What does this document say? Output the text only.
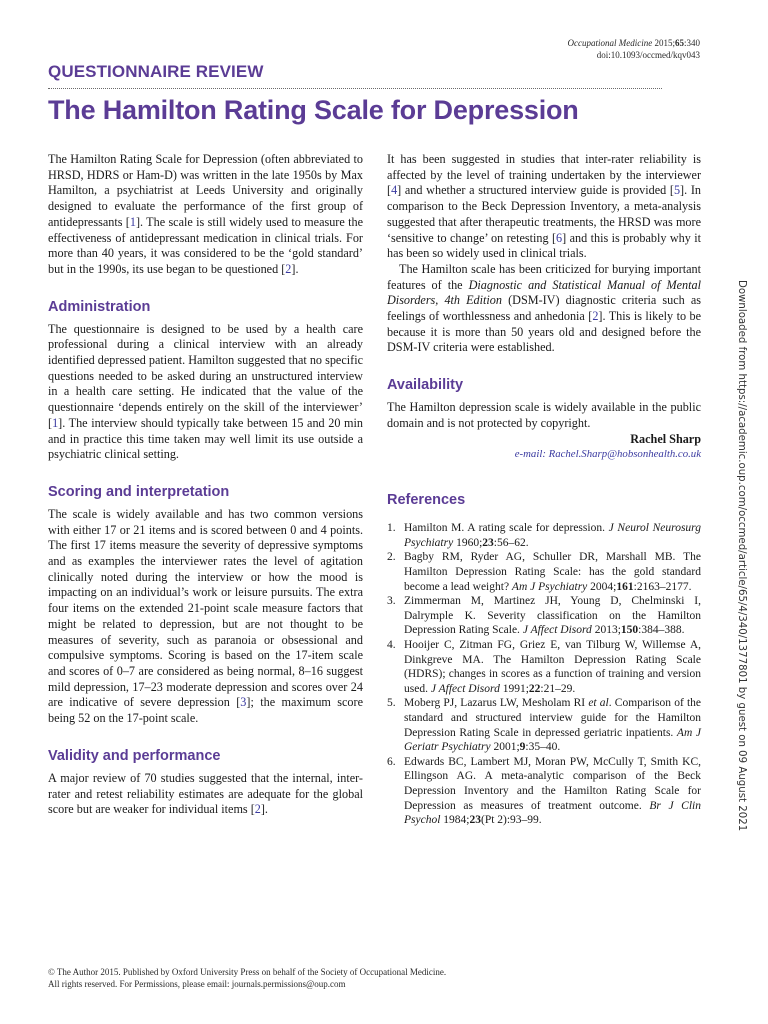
Occupational Medicine 2015;65:340
doi:10.1093/occmed/kqv043
QUESTIONNAIRE REVIEW
The Hamilton Rating Scale for Depression

The Hamilton Rating Scale for Depression (often abbreviated to HRSD, HDRS or Ham-D) was written in the late 1950s by Max Hamilton, a psychiatrist at Leeds University and originally designed to evaluate the performance of the first group of antidepressants [1]. The scale is still widely used to measure the effectiveness of antidepressant medication in clinical trials. For more than 40 years, it was considered to be the ‘gold standard’ but in the 1990s, its use began to be questioned [2].

Administration

The questionnaire is designed to be used by a health care professional during a clinical interview with an already identified depressed patient. Hamilton suggested that no specific questions needed to be asked during an unstructured interview in a health care setting. He indicated that the value of the questionnaire ‘depends entirely on the skill of the interviewer’ [1]. The interview should typically take between 15 and 20 min and in practice this time taken may well limit its use outside a psychiatric clinical setting.

Scoring and interpretation

The scale is widely available and has two common versions with either 17 or 21 items and is scored between 0 and 4 points. The first 17 items measure the severity of depressive symptoms and as examples the interviewer rates the level of agitation clinically noted during the interview or how the mood is impacting on an individual’s work or leisure pursuits. The extra four items on the extended 21-point scale measure factors that might be related to depression, but are not thought to be measures of severity, such as paranoia or obsessional and compulsive symptoms. Scoring is based on the 17-item scale and scores of 0–7 are considered as being normal, 8–16 suggest mild depression, 17–23 moderate depression and scores over 24 are indicative of severe depression [3]; the maximum score being 52 on the 17-point scale.

Validity and performance

A major review of 70 studies suggested that the internal, inter-rater and retest reliability estimates are adequate for the global score but are weaker for individual items [2].

It has been suggested in studies that inter-rater reliability is affected by the level of training undertaken by the interviewer [4] and whether a structured interview guide is provided [5]. In comparison to the Beck Depression Inventory, a meta-analysis suggested that after therapeutic treatments, the HRSD was more ‘sensitive to change’ on retesting [6] and this is probably why it has been so widely used in clinical trials.

The Hamilton scale has been criticized for burying important features of the Diagnostic and Statistical Manual of Mental Disorders, 4th Edition (DSM-IV) diagnostic criteria such as feelings of worthlessness and anhedonia [2]. This is likely to be because it is more than 50 years old and designed before the DSM-IV criteria were established.

Availability

The Hamilton depression scale is widely available in the public domain and is not protected by copyright.

Rachel Sharp

e-mail: Rachel.Sharp@hobsonhealth.co.uk

References
1. Hamilton M. A rating scale for depression. J Neurol Neurosurg Psychiatry 1960;23:56–62.
2. Bagby RM, Ryder AG, Schuller DR, Marshall MB. The Hamilton Depression Rating Scale: has the gold standard become a lead weight? Am J Psychiatry 2004;161:2163–2177.
3. Zimmerman M, Martinez JH, Young D, Chelminski I, Dalrymple K. Severity classification on the Hamilton Depression Rating Scale. J Affect Disord 2013;150:384–388.
4. Hooijer C, Zitman FG, Griez E, van Tilburg W, Willemse A, Dinkgreve MA. The Hamilton Depression Rating Scale (HDRS); changes in scores as a function of training and version used. J Affect Disord 1991;22:21–29.
5. Moberg PJ, Lazarus LW, Mesholam RI et al. Comparison of the standard and structured interview guide for the Hamilton Depression Rating Scale in depressed geriatric inpatients. Am J Geriatr Psychiatry 2001;9:35–40.
6. Edwards BC, Lambert MJ, Moran PW, McCully T, Smith KC, Ellingson AG. A meta-analytic comparison of the Beck Depression Inventory and the Hamilton Rating Scale for Depression as measures of treatment outcome. Br J Clin Psychol 1984;23(Pt 2):93–99.	Downloaded from https://academic.oup.com/occmed/article/65/4/340/1377801 by guest on 09 August 2021
© The Author 2015. Published by Oxford University Press on behalf of the Society of Occupational Medicine.
All rights reserved. For Permissions, please email: journals.permissions@oup.com
